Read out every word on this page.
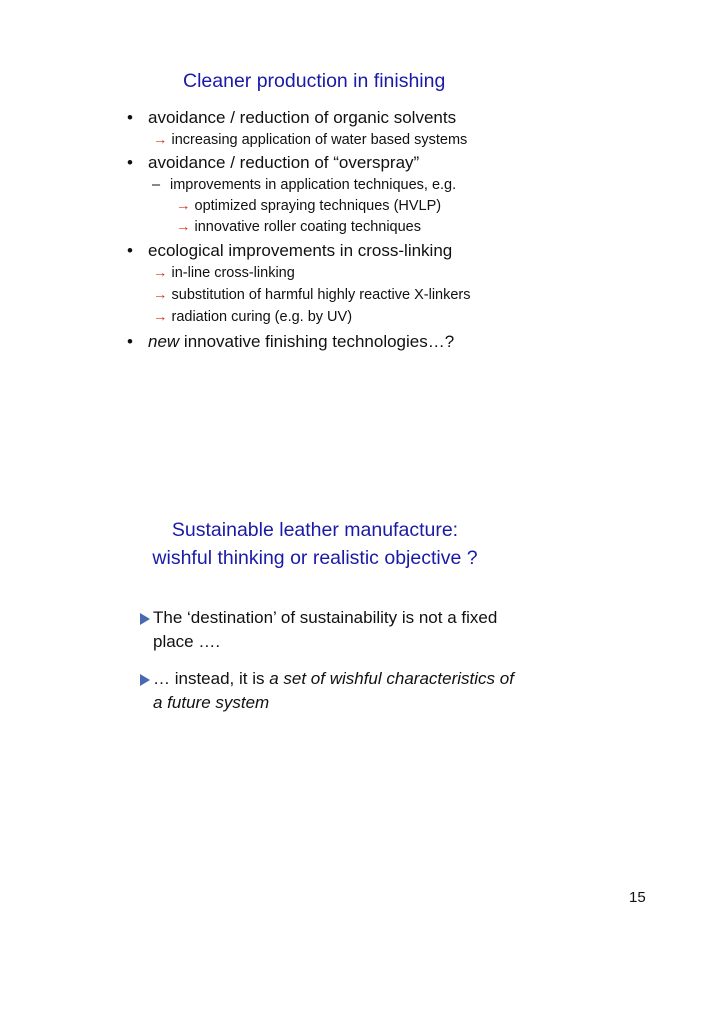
Cleaner production in finishing
• avoidance / reduction of organic solvents
→ increasing application of water based systems
• avoidance / reduction of “overspray”
– improvements in application techniques, e.g.
→ optimized spraying techniques (HVLP)
→ innovative roller coating techniques
• ecological improvements in cross-linking
→ in-line cross-linking
→ substitution of harmful highly reactive X-linkers
→ radiation curing (e.g. by UV)
• new innovative finishing technologies…?
Sustainable leather manufacture: wishful thinking or realistic objective ?
The ‘destination’ of sustainability is not a fixed place ….
… instead, it is a set of wishful characteristics of a future system
15
